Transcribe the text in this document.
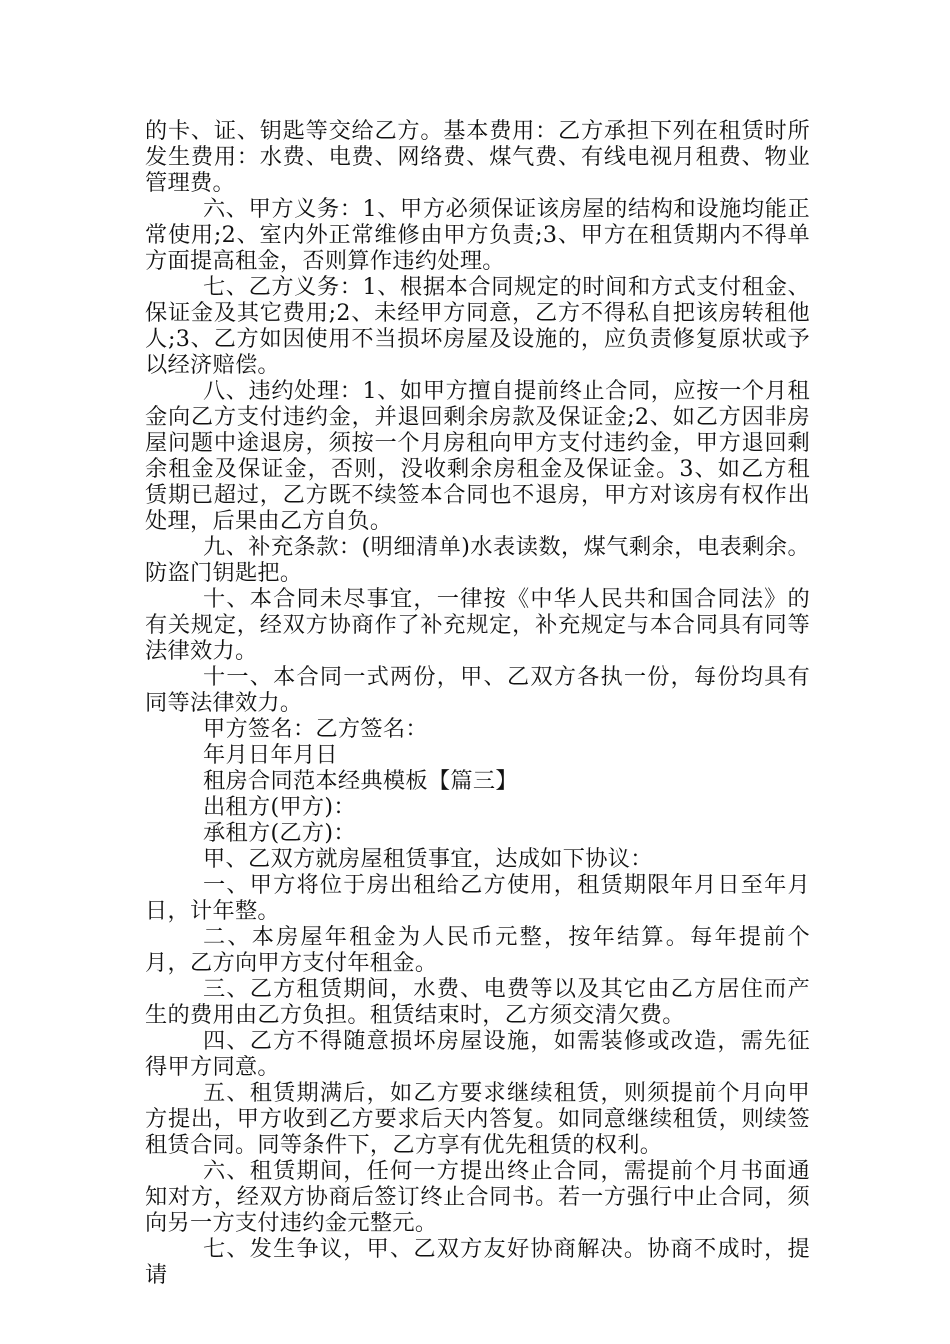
的卡、证、钥匙等交给乙方。基本费用：乙方承担下列在租赁时所发生费用：水费、电费、网络费、煤气费、有线电视月租费、物业管理费。

六、甲方义务：1、甲方必须保证该房屋的结构和设施均能正常使用;2、室内外正常维修由甲方负责;3、甲方在租赁期内不得单方面提高租金，否则算作违约处理。

七、乙方义务：1、根据本合同规定的时间和方式支付租金、保证金及其它费用;2、未经甲方同意，乙方不得私自把该房转租他人;3、乙方如因使用不当损坏房屋及设施的，应负责修复原状或予以经济赔偿。

八、违约处理：1、如甲方擅自提前终止合同，应按一个月租金向乙方支付违约金，并退回剩余房款及保证金;2、如乙方因非房屋问题中途退房，须按一个月房租向甲方支付违约金，甲方退回剩余租金及保证金，否则，没收剩余房租金及保证金。3、如乙方租赁期已超过，乙方既不续签本合同也不退房，甲方对该房有权作出处理，后果由乙方自负。

九、补充条款：(明细清单)水表读数，煤气剩余，电表剩余。防盗门钥匙把。

十、本合同未尽事宜，一律按《中华人民共和国合同法》的有关规定，经双方协商作了补充规定，补充规定与本合同具有同等法律效力。

十一、本合同一式两份，甲、乙双方各执一份，每份均具有同等法律效力。

甲方签名：乙方签名：

年月日年月日

租房合同范本经典模板【篇三】

出租方(甲方)：

承租方(乙方)：

甲、乙双方就房屋租赁事宜，达成如下协议：

一、甲方将位于房出租给乙方使用，租赁期限年月日至年月日，计年整。

二、本房屋年租金为人民币元整，按年结算。每年提前个月，乙方向甲方支付年租金。

三、乙方租赁期间，水费、电费等以及其它由乙方居住而产生的费用由乙方负担。租赁结束时，乙方须交清欠费。

四、乙方不得随意损坏房屋设施，如需装修或改造，需先征得甲方同意。

五、租赁期满后，如乙方要求继续租赁，则须提前个月向甲方提出，甲方收到乙方要求后天内答复。如同意继续租赁，则续签租赁合同。同等条件下，乙方享有优先租赁的权利。

六、租赁期间，任何一方提出终止合同，需提前个月书面通知对方，经双方协商后签订终止合同书。若一方强行中止合同，须向另一方支付违约金元整元。

七、发生争议，甲、乙双方友好协商解决。协商不成时，提请
